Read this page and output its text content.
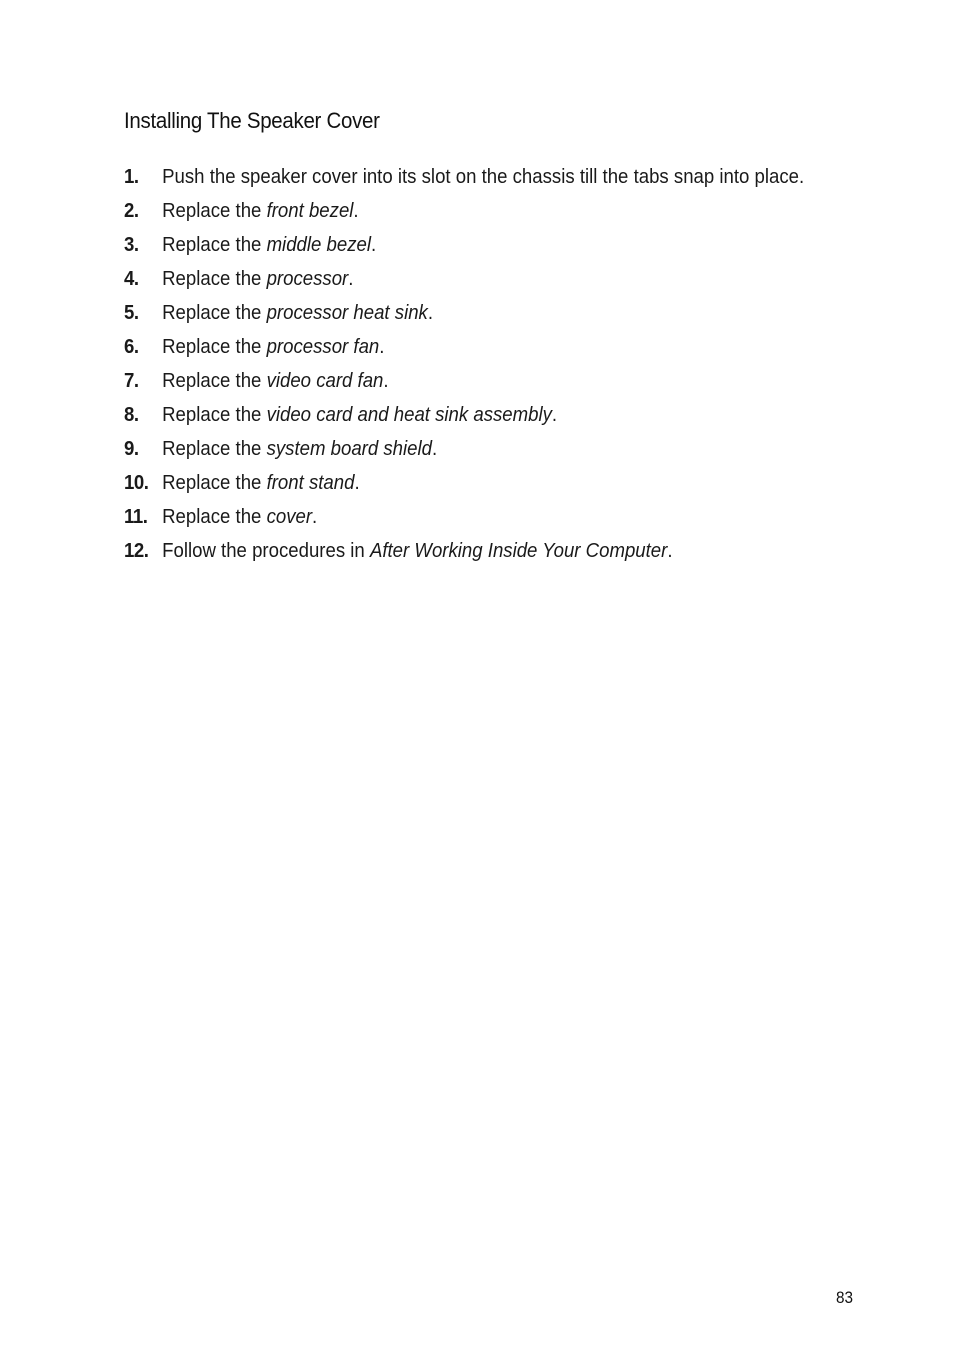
Installing The Speaker Cover
1. Push the speaker cover into its slot on the chassis till the tabs snap into place.
2. Replace the front bezel.
3. Replace the middle bezel.
4. Replace the processor.
5. Replace the processor heat sink.
6. Replace the processor fan.
7. Replace the video card fan.
8. Replace the video card and heat sink assembly.
9. Replace the system board shield.
10. Replace the front stand.
11. Replace the cover.
12. Follow the procedures in After Working Inside Your Computer.
83
